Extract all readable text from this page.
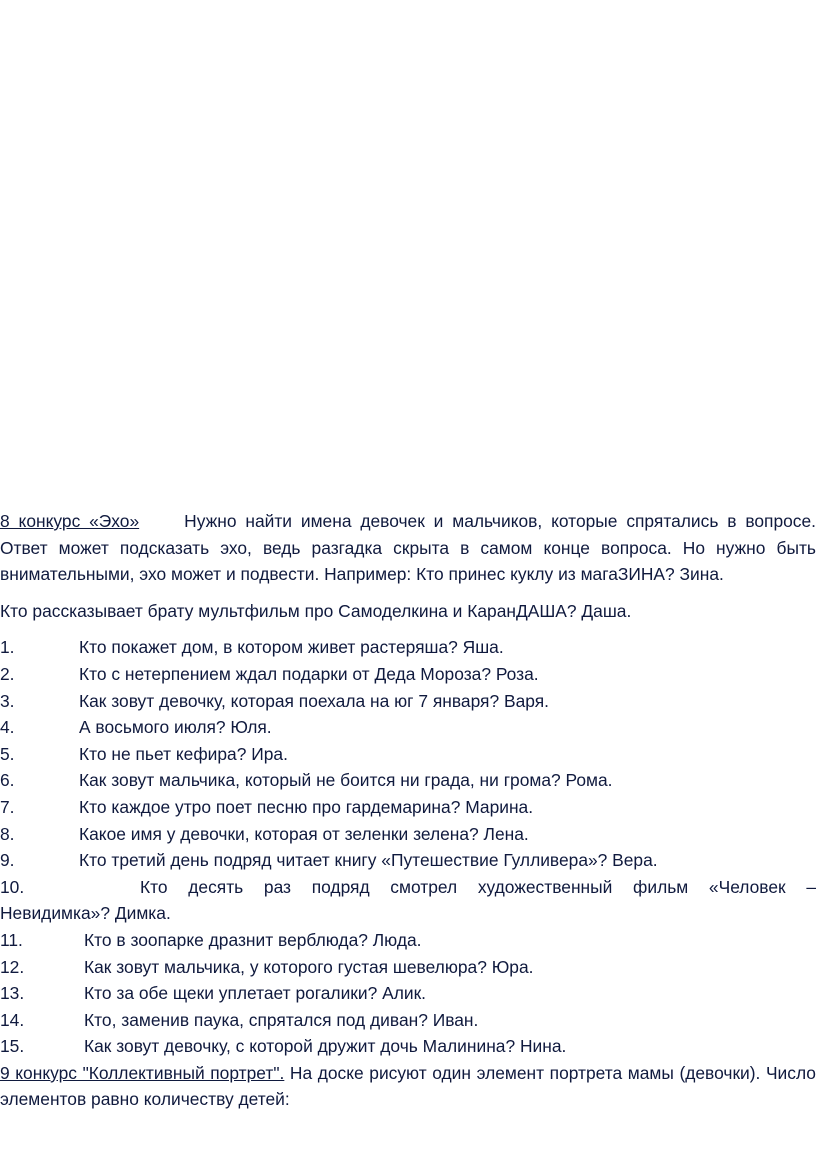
8 конкурс «Эхо»	Нужно найти имена девочек и мальчиков, которые спрятались в вопросе. Ответ может подсказать эхо, ведь разгадка скрыта в самом конце вопроса. Но нужно быть внимательными, эхо может и подвести. Например: Кто принес куклу из магаЗИНА? Зина.

Кто рассказывает брату мультфильм про Самоделкина и КаранДАША? Даша.

1.	Кто покажет дом, в котором живет растеряша? Яша.
2.	Кто с нетерпением ждал подарки от Деда Мороза? Роза.
3.	Как зовут девочку, которая поехала на юг 7 января? Варя.
4.	А восьмого июля? Юля.
5.	Кто не пьет кефира? Ира.
6.	Как зовут мальчика, который не боится ни града, ни грома? Рома.
7.	Кто каждое утро поет песню про гардемарина? Марина.
8.	Какое имя у девочки, которая от зеленки зелена? Лена.
9.	Кто третий день подряд читает книгу «Путешествие Гулливера»? Вера.

10.	Кто десять раз подряд смотрел художественный фильм «Человек –

Невидимка»? Димка.

11.	Кто в зоопарке дразнит верблюда? Люда.
12.	Как зовут мальчика, у которого густая шевелюра? Юра.
13.	Кто за обе щеки уплетает рогалики? Алик.
14.	Кто, заменив паука, спрятался под диван? Иван.
15.	Как зовут девочку, с которой дружит дочь Малинина? Нина.

9 конкурс "Коллективный портрет". На доске рисуют один элемент портрета мамы (девочки). Число элементов равно количеству детей:
